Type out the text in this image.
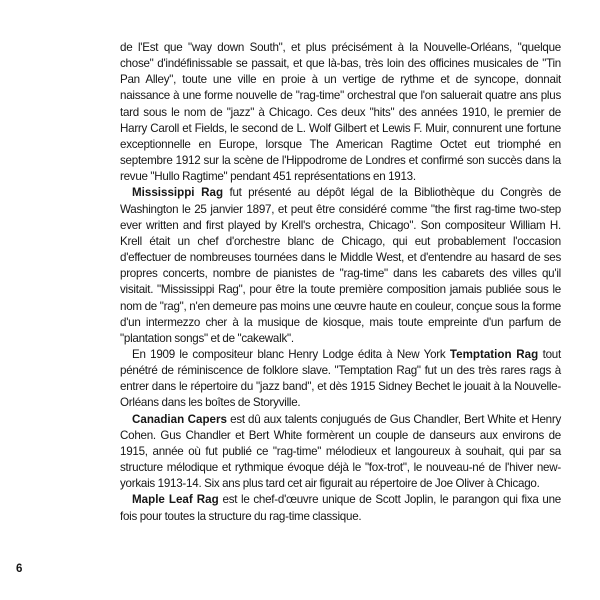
de l'Est que "way down South", et plus précisément à la Nouvelle-Orléans, "quelque chose" d'indéfinissable se passait, et que là-bas, très loin des officines musicales de "Tin Pan Alley", toute une ville en proie à un vertige de rythme et de syncope, donnait naissance à une forme nouvelle de "rag-time" orchestral que l'on saluerait quatre ans plus tard sous le nom de "jazz" à Chicago. Ces deux "hits" des années 1910, le premier de Harry Caroll et Fields, le second de L. Wolf Gilbert et Lewis F. Muir, connurent une fortune exceptionnelle en Europe, lorsque The American Ragtime Octet eut triomphé en septembre 1912 sur la scène de l'Hippodrome de Londres et confirmé son succès dans la revue "Hullo Ragtime" pendant 451 représentations en 1913.

Mississippi Rag fut présenté au dépôt légal de la Bibliothèque du Congrès de Washington le 25 janvier 1897, et peut être considéré comme "the first rag-time two-step ever written and first played by Krell's orchestra, Chicago". Son compositeur William H. Krell était un chef d'orchestre blanc de Chicago, qui eut probablement l'occasion d'effectuer de nombreuses tournées dans le Middle West, et d'entendre au hasard de ses propres concerts, nombre de pianistes de "rag-time" dans les cabarets des villes qu'il visitait. "Mississippi Rag", pour être la toute première composition jamais publiée sous le nom de "rag", n'en demeure pas moins une œuvre haute en couleur, conçue sous la forme d'un intermezzo cher à la musique de kiosque, mais toute empreinte d'un parfum de "plantation songs" et de "cakewalk".

En 1909 le compositeur blanc Henry Lodge édita à New York Temptation Rag tout pénétré de réminiscence de folklore slave. "Temptation Rag" fut un des très rares rags à entrer dans le répertoire du "jazz band", et dès 1915 Sidney Bechet le jouait à la Nouvelle-Orléans dans les boîtes de Storyville.

Canadian Capers est dû aux talents conjugués de Gus Chandler, Bert White et Henry Cohen. Gus Chandler et Bert White formèrent un couple de danseurs aux environs de 1915, année où fut publié ce "rag-time" mélodieux et langoureux à souhait, qui par sa structure mélodique et rythmique évoque déjà le "fox-trot", le nouveau-né de l'hiver new-yorkais 1913-14. Six ans plus tard cet air figurait au répertoire de Joe Oliver à Chicago.

Maple Leaf Rag est le chef-d'œuvre unique de Scott Joplin, le parangon qui fixa une fois pour toutes la structure du rag-time classique.

6
